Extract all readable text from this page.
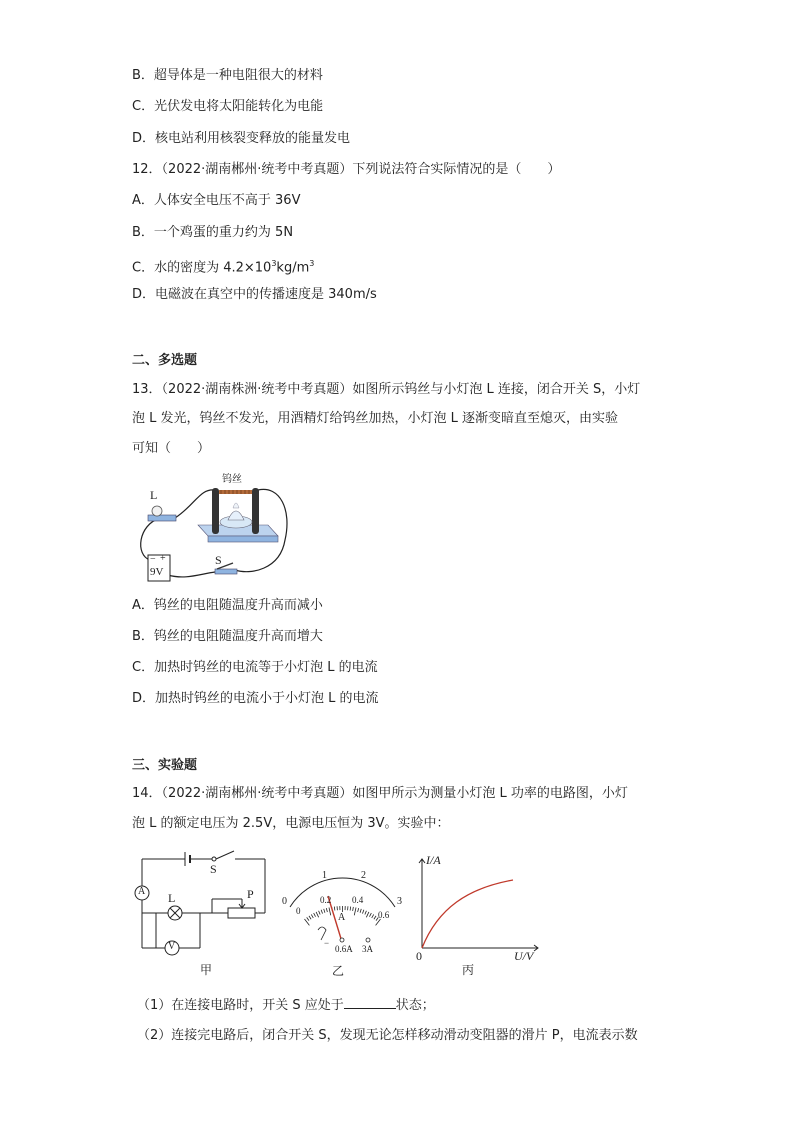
B．超导体是一种电阻很大的材料
C．光伏发电将太阳能转化为电能
D．核电站利用核裂变释放的能量发电
12．（2022·湖南郴州·统考中考真题）下列说法符合实际情况的是（　　）
A．人体安全电压不高于 36V
B．一个鸡蛋的重力约为 5N
C．水的密度为 $4.2\times 10^3kg/m^3$
D．电磁波在真空中的传播速度是 340m/s
二、多选题
13．（2022·湖南株洲·统考中考真题）如图所示钨丝与小灯泡 L 连接，闭合开关 S，小灯
泡 L 发光，钨丝不发光，用酒精灯给钨丝加热，小灯泡 L 逐渐变暗直至熄灭，由实验
可知（　　）
钨丝
L
− +
9V
S
A．钨丝的电阻随温度升高而减小
B．钨丝的电阻随温度升高而增大
C．加热时钨丝的电流等于小灯泡 L 的电流
D．加热时钨丝的电流小于小灯泡 L 的电流
三、实验题
14．（2022·湖南郴州·统考中考真题）如图甲所示为测量小灯泡 L 功率的电路图，小灯
泡 L 的额定电压为 2.5V，电源电压恒为 3V。实验中：
A
V
L
S
P
甲
0
1	2
3
0
0.2 0.4
0.6
A
−
0.6A 3A
乙
I/A
U/V
0
丙
（1）在连接电路时，开关 S 应处于	状态；
（2）连接完电路后，闭合开关 S，发现无论怎样移动滑动变阻器的滑片 P，电流表示数
